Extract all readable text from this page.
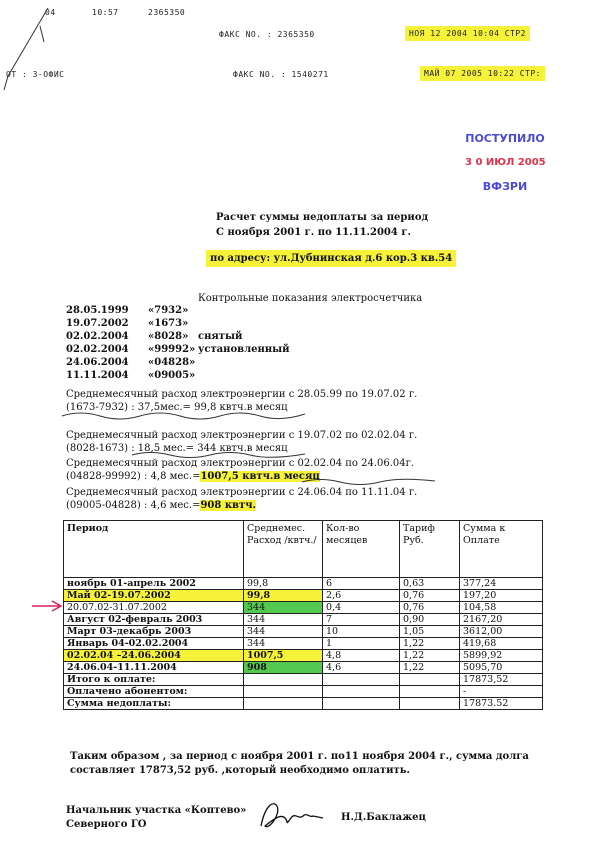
04	10:57	2365350
ФАКС NO. : 2365350	НОЯ 12 2004 10:04 СТР2
ОТ : 3-ОФИС	ФАКС NO. : 1540271	МАЙ 07 2005 10:22 СТР:
ПОСТУПИЛО
3 0 ИЮЛ 2005
ВФЗРИ
Расчет суммы недоплаты за период
С ноября 2001 г. по 11.11.2004 г.
по адресу: ул.Дубнинская д.6 кор.3 кв.54
Контрольные показания электросчетчика
28.05.1999 «7932»
19.07.2002 «1673»
02.02.2004 «8028» снятый
02.02.2004 «99992» установленный
24.06.2004 «04828»
11.11.2004 «09005»
Среднемесячный расход электроэнергии с 28.05.99 по 19.07.02 г.
(1673-7932) : 37,5мес.= 99,8 квтч.в месяц
Среднемесячный расход электроэнергии с 19.07.02 по 02.02.04 г.
(8028-1673) : 18,5 мес.= 344 квтч.в месяц
Среднемесячный расход электроэнергии с 02.02.04 по 24.06.04г.
(04828-99992) : 4,8 мес.=1007,5 квтч.в месяц
Среднемесячный расход электроэнергии с 24.06.04 по 11.11.04 г.
(09005-04828) : 4,6 мес.=908 квтч.
Период	Среднемес. Расход /квтч./	Кол-во месяцев	Тариф Руб.	Сумма к Оплате
ноябрь 01-апрель 2002	99,8	6	0,63	377,24
Май 02-19.07.2002	99,8	2,6	0,76	197,20
20.07.02-31.07.2002	344	0,4	0,76	104,58
Август 02-февраль 2003	344	7	0,90	2167,20
Март 03-декабрь 2003	344	10	1,05	3612,00
Январь 04-02.02.2004	344	1	1,22	419,68
02.02.04 –24.06.2004	1007,5	4,8	1,22	5899,92
24.06.04-11.11.2004	908	4,6	1,22	5095,70
Итого к оплате:				17873,52
Оплачено абонентом:				-
Сумма недоплаты:				17873.52
Таким образом , за период с ноября 2001 г. по11 ноября 2004 г., сумма долга
составляет 17873,52 руб. ,который необходимо оплатить.
Начальник участка «Коптево»
Северного ГО
Н.Д.Баклажец
